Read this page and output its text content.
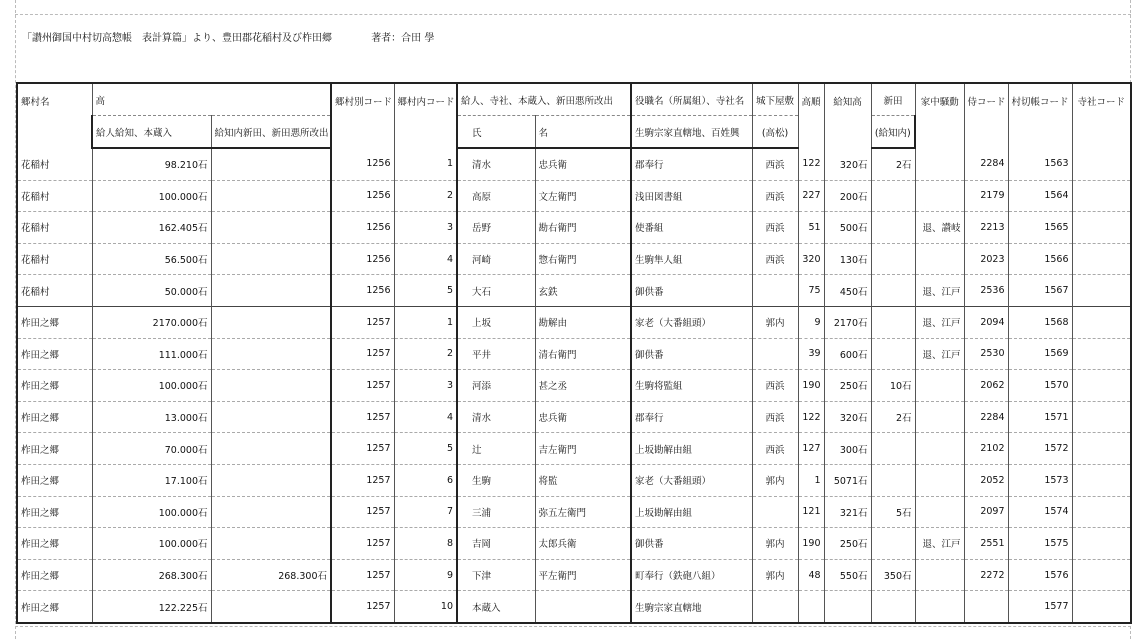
「讃州御国中村切高惣帳　表計算篇」より、豊田郡花稲村及び柞田郷	著者：合田 學
郷村名	高		郷村別コード	郷村内コード	給人、寺社、本蔵入、新田悪所改出		役職名（所属組）、寺社名	城下屋敷	高順	給知高	新田	家中騒動	侍コード	村切帳コード	寺社コード
	給人給知、本蔵入	給知内新田、新田悪所改出			氏	名	生駒宗家直轄地、百姓興	(高松)			(給知内)				
花稲村	98.210石		1256	1	清水	忠兵衛	郡奉行	西浜	122	320石	2石		2284	1563	
花稲村	100.000石		1256	2	高原	文左衛門	浅田図書組	西浜	227	200石			2179	1564	
花稲村	162.405石		1256	3	岳野	勘右衛門	使番組	西浜	51	500石		退、讃岐	2213	1565	
花稲村	56.500石		1256	4	河崎	惣右衛門	生駒隼人組	西浜	320	130石			2023	1566	
花稲村	50.000石		1256	5	大石	玄鉄	御供番		75	450石		退、江戸	2536	1567	
柞田之郷	2170.000石		1257	1	上坂	勘解由	家老（大番組頭）	郭内	9	2170石		退、江戸	2094	1568	
柞田之郷	111.000石		1257	2	平井	清右衛門	御供番		39	600石		退、江戸	2530	1569	
柞田之郷	100.000石		1257	3	河添	甚之丞	生駒将監組	西浜	190	250石	10石		2062	1570	
柞田之郷	13.000石		1257	4	清水	忠兵衛	郡奉行	西浜	122	320石	2石		2284	1571	
柞田之郷	70.000石		1257	5	辻	吉左衛門	上坂勘解由組	西浜	127	300石			2102	1572	
柞田之郷	17.100石		1257	6	生駒	将監	家老（大番組頭）	郭内	1	5071石			2052	1573	
柞田之郷	100.000石		1257	7	三浦	弥五左衛門	上坂勘解由組		121	321石	5石		2097	1574	
柞田之郷	100.000石		1257	8	吉岡	太郎兵衛	御供番	郭内	190	250石		退、江戸	2551	1575	
柞田之郷	268.300石	268.300石	1257	9	下津	平左衛門	町奉行（鉄砲八組）	郭内	48	550石	350石		2272	1576	
柞田之郷	122.225石		1257	10	本蔵入		生駒宗家直轄地							1577	
